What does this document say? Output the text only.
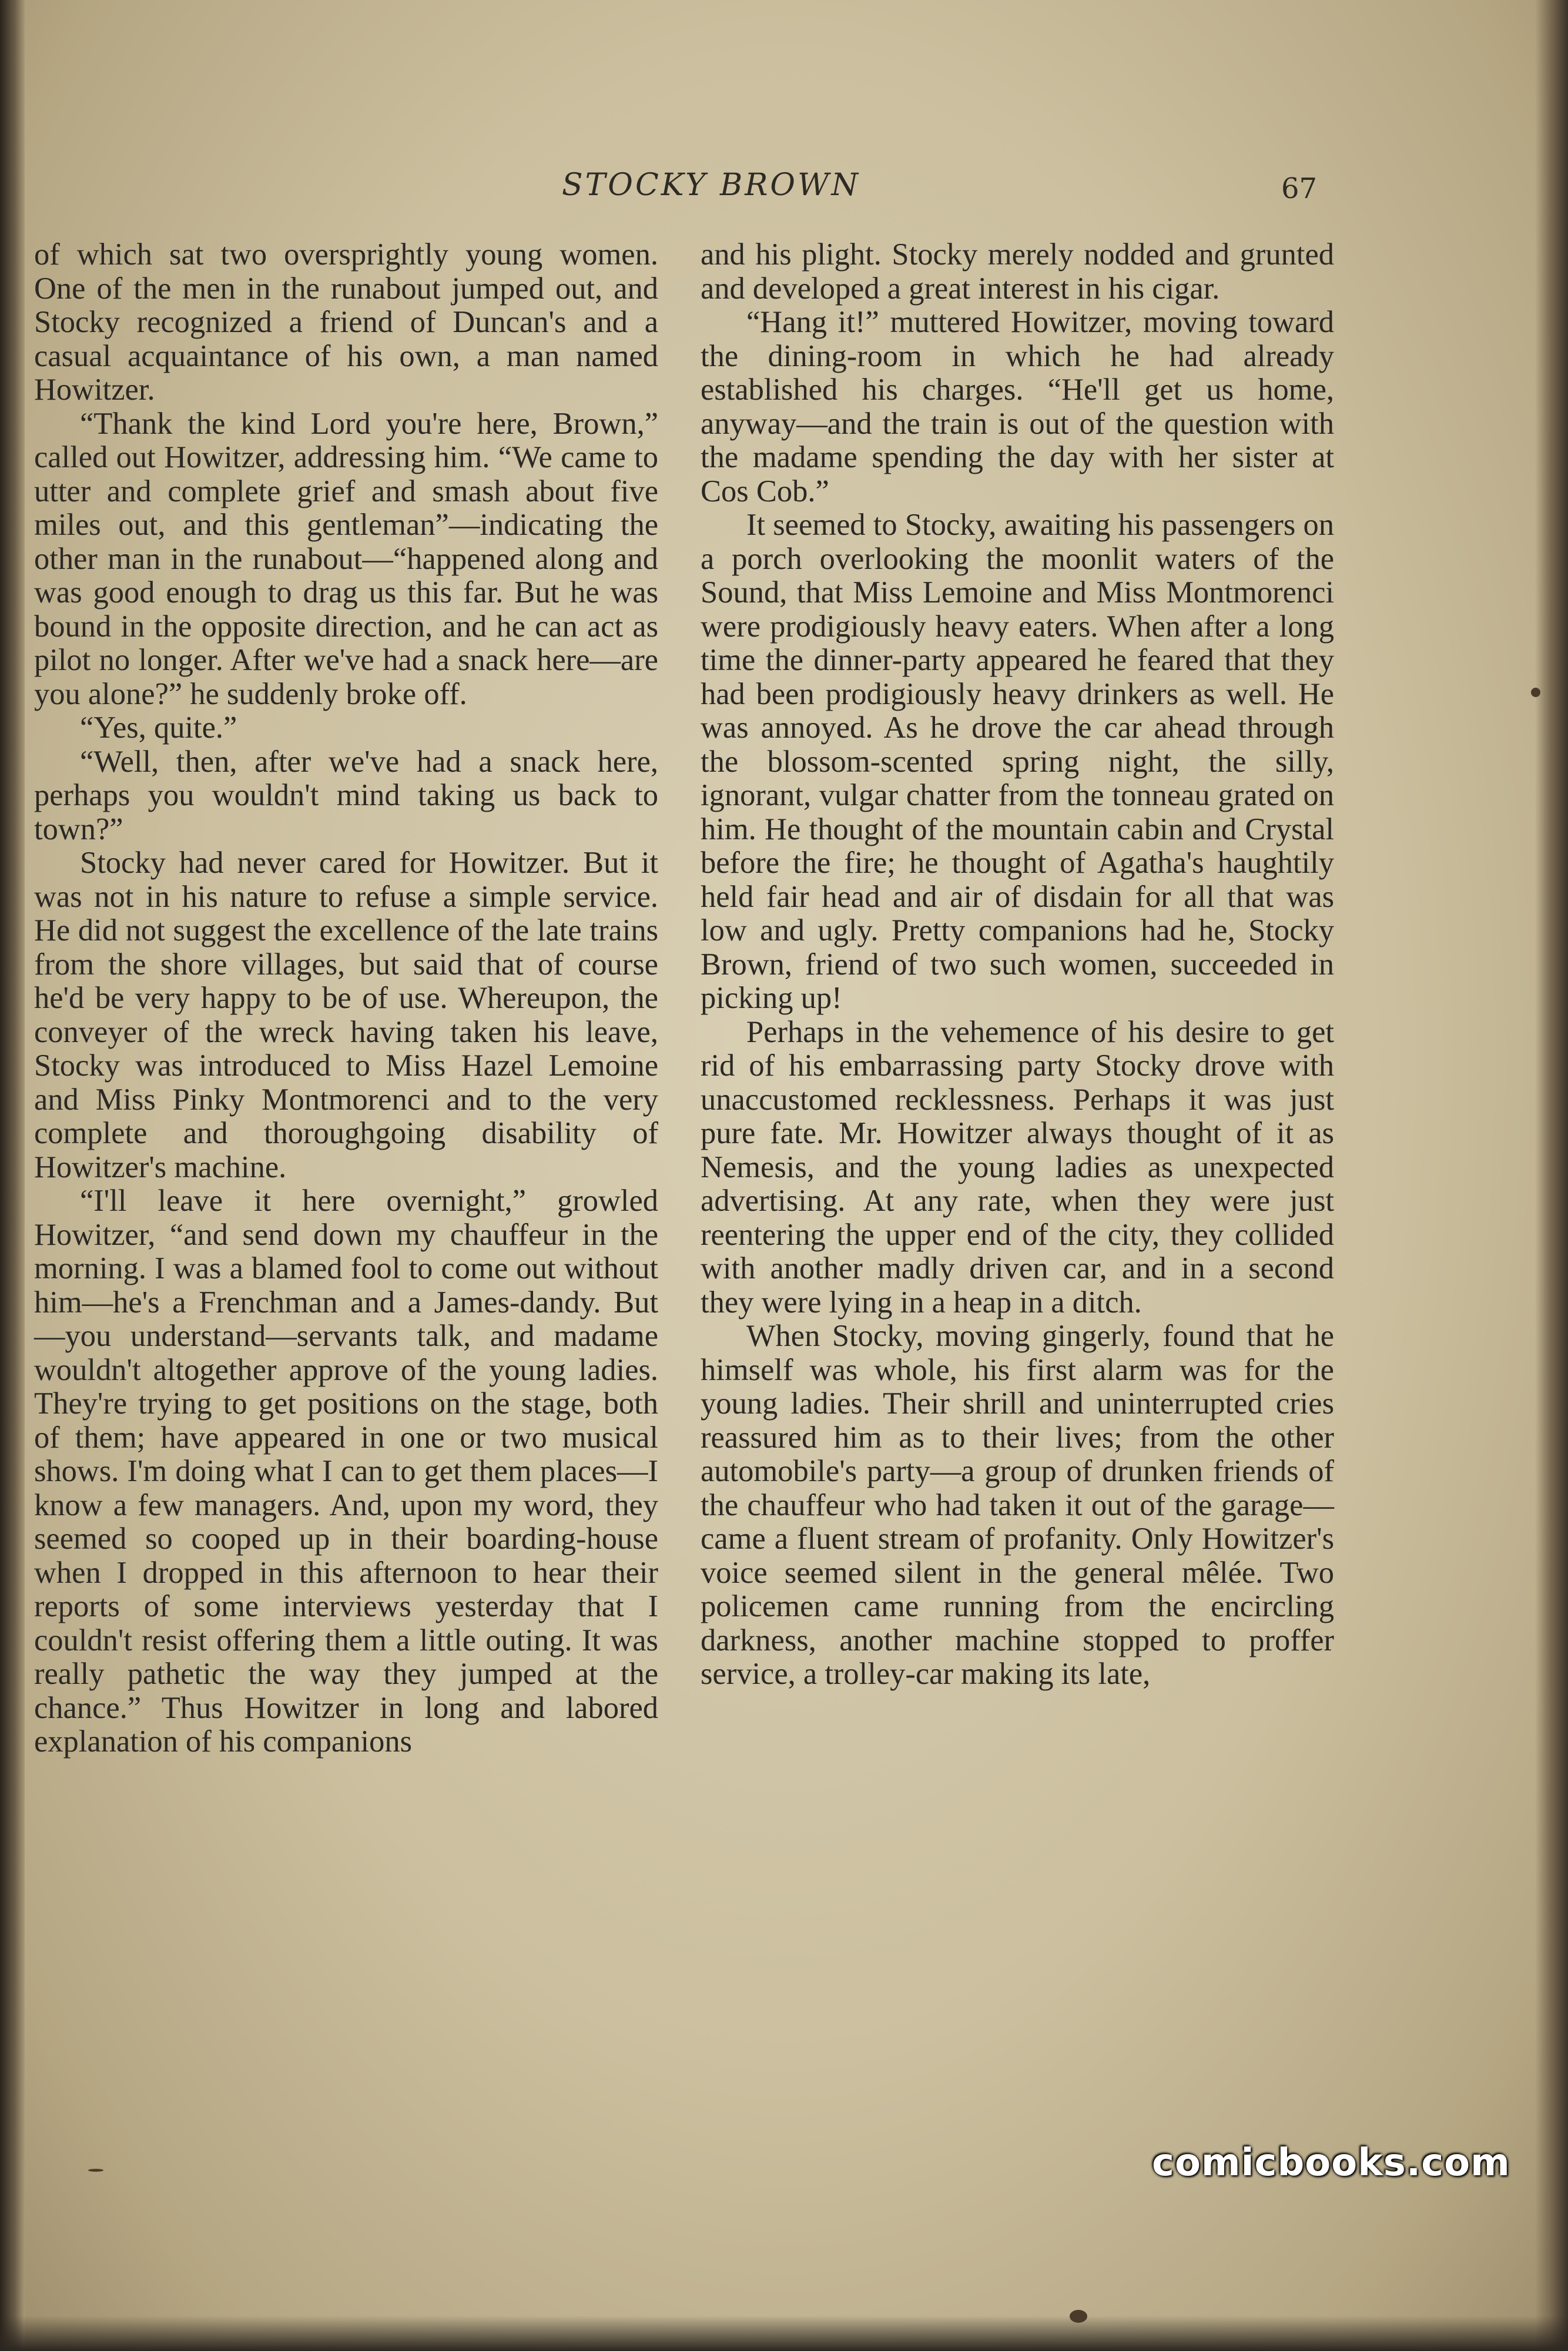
STOCKY BROWN	67

of which sat two oversprightly young women. One of the men in the runabout jumped out, and Stocky recognized a friend of Duncan's and a casual acquaintance of his own, a man named Howitzer.

“Thank the kind Lord you're here, Brown,” called out Howitzer, addressing him. “We came to utter and complete grief and smash about five miles out, and this gentleman”—indicating the other man in the runabout—“happened along and was good enough to drag us this far. But he was bound in the opposite direction, and he can act as pilot no longer. After we've had a snack here—are you alone?” he suddenly broke off.

“Yes, quite.”

“Well, then, after we've had a snack here, perhaps you wouldn't mind taking us back to town?”

Stocky had never cared for Howitzer. But it was not in his nature to refuse a simple service. He did not suggest the excellence of the late trains from the shore villages, but said that of course he'd be very happy to be of use. Whereupon, the conveyer of the wreck having taken his leave, Stocky was introduced to Miss Hazel Lemoine and Miss Pinky Montmorenci and to the very complete and thoroughgoing disability of Howitzer's machine.

“I'll leave it here overnight,” growled Howitzer, “and send down my chauffeur in the morning. I was a blamed fool to come out without him—he's a Frenchman and a James-dandy. But—you understand—servants talk, and madame wouldn't altogether approve of the young ladies. They're trying to get positions on the stage, both of them; have appeared in one or two musical shows. I'm doing what I can to get them places—I know a few managers. And, upon my word, they seemed so cooped up in their boarding-house when I dropped in this afternoon to hear their reports of some interviews yesterday that I couldn't resist offering them a little outing. It was really pathetic the way they jumped at the chance.” Thus Howitzer in long and labored explanation of his companions

and his plight. Stocky merely nodded and grunted and developed a great interest in his cigar.

“Hang it!” muttered Howitzer, moving toward the dining-room in which he had already established his charges. “He'll get us home, anyway—and the train is out of the question with the madame spending the day with her sister at Cos Cob.”

It seemed to Stocky, awaiting his passengers on a porch overlooking the moonlit waters of the Sound, that Miss Lemoine and Miss Montmorenci were prodigiously heavy eaters. When after a long time the dinner-party appeared he feared that they had been prodigiously heavy drinkers as well. He was annoyed. As he drove the car ahead through the blossom-scented spring night, the silly, ignorant, vulgar chatter from the tonneau grated on him. He thought of the mountain cabin and Crystal before the fire; he thought of Agatha's haughtily held fair head and air of disdain for all that was low and ugly. Pretty companions had he, Stocky Brown, friend of two such women, succeeded in picking up!

Perhaps in the vehemence of his desire to get rid of his embarrassing party Stocky drove with unaccustomed recklessness. Perhaps it was just pure fate. Mr. Howitzer always thought of it as Nemesis, and the young ladies as unexpected advertising. At any rate, when they were just reentering the upper end of the city, they collided with another madly driven car, and in a second they were lying in a heap in a ditch.

When Stocky, moving gingerly, found that he himself was whole, his first alarm was for the young ladies. Their shrill and uninterrupted cries reassured him as to their lives; from the other automobile's party—a group of drunken friends of the chauffeur who had taken it out of the garage—came a fluent stream of profanity. Only Howitzer's voice seemed silent in the general mêlée. Two policemen came running from the encircling darkness, another machine stopped to proffer service, a trolley-car making its late,

comicbooks.com
